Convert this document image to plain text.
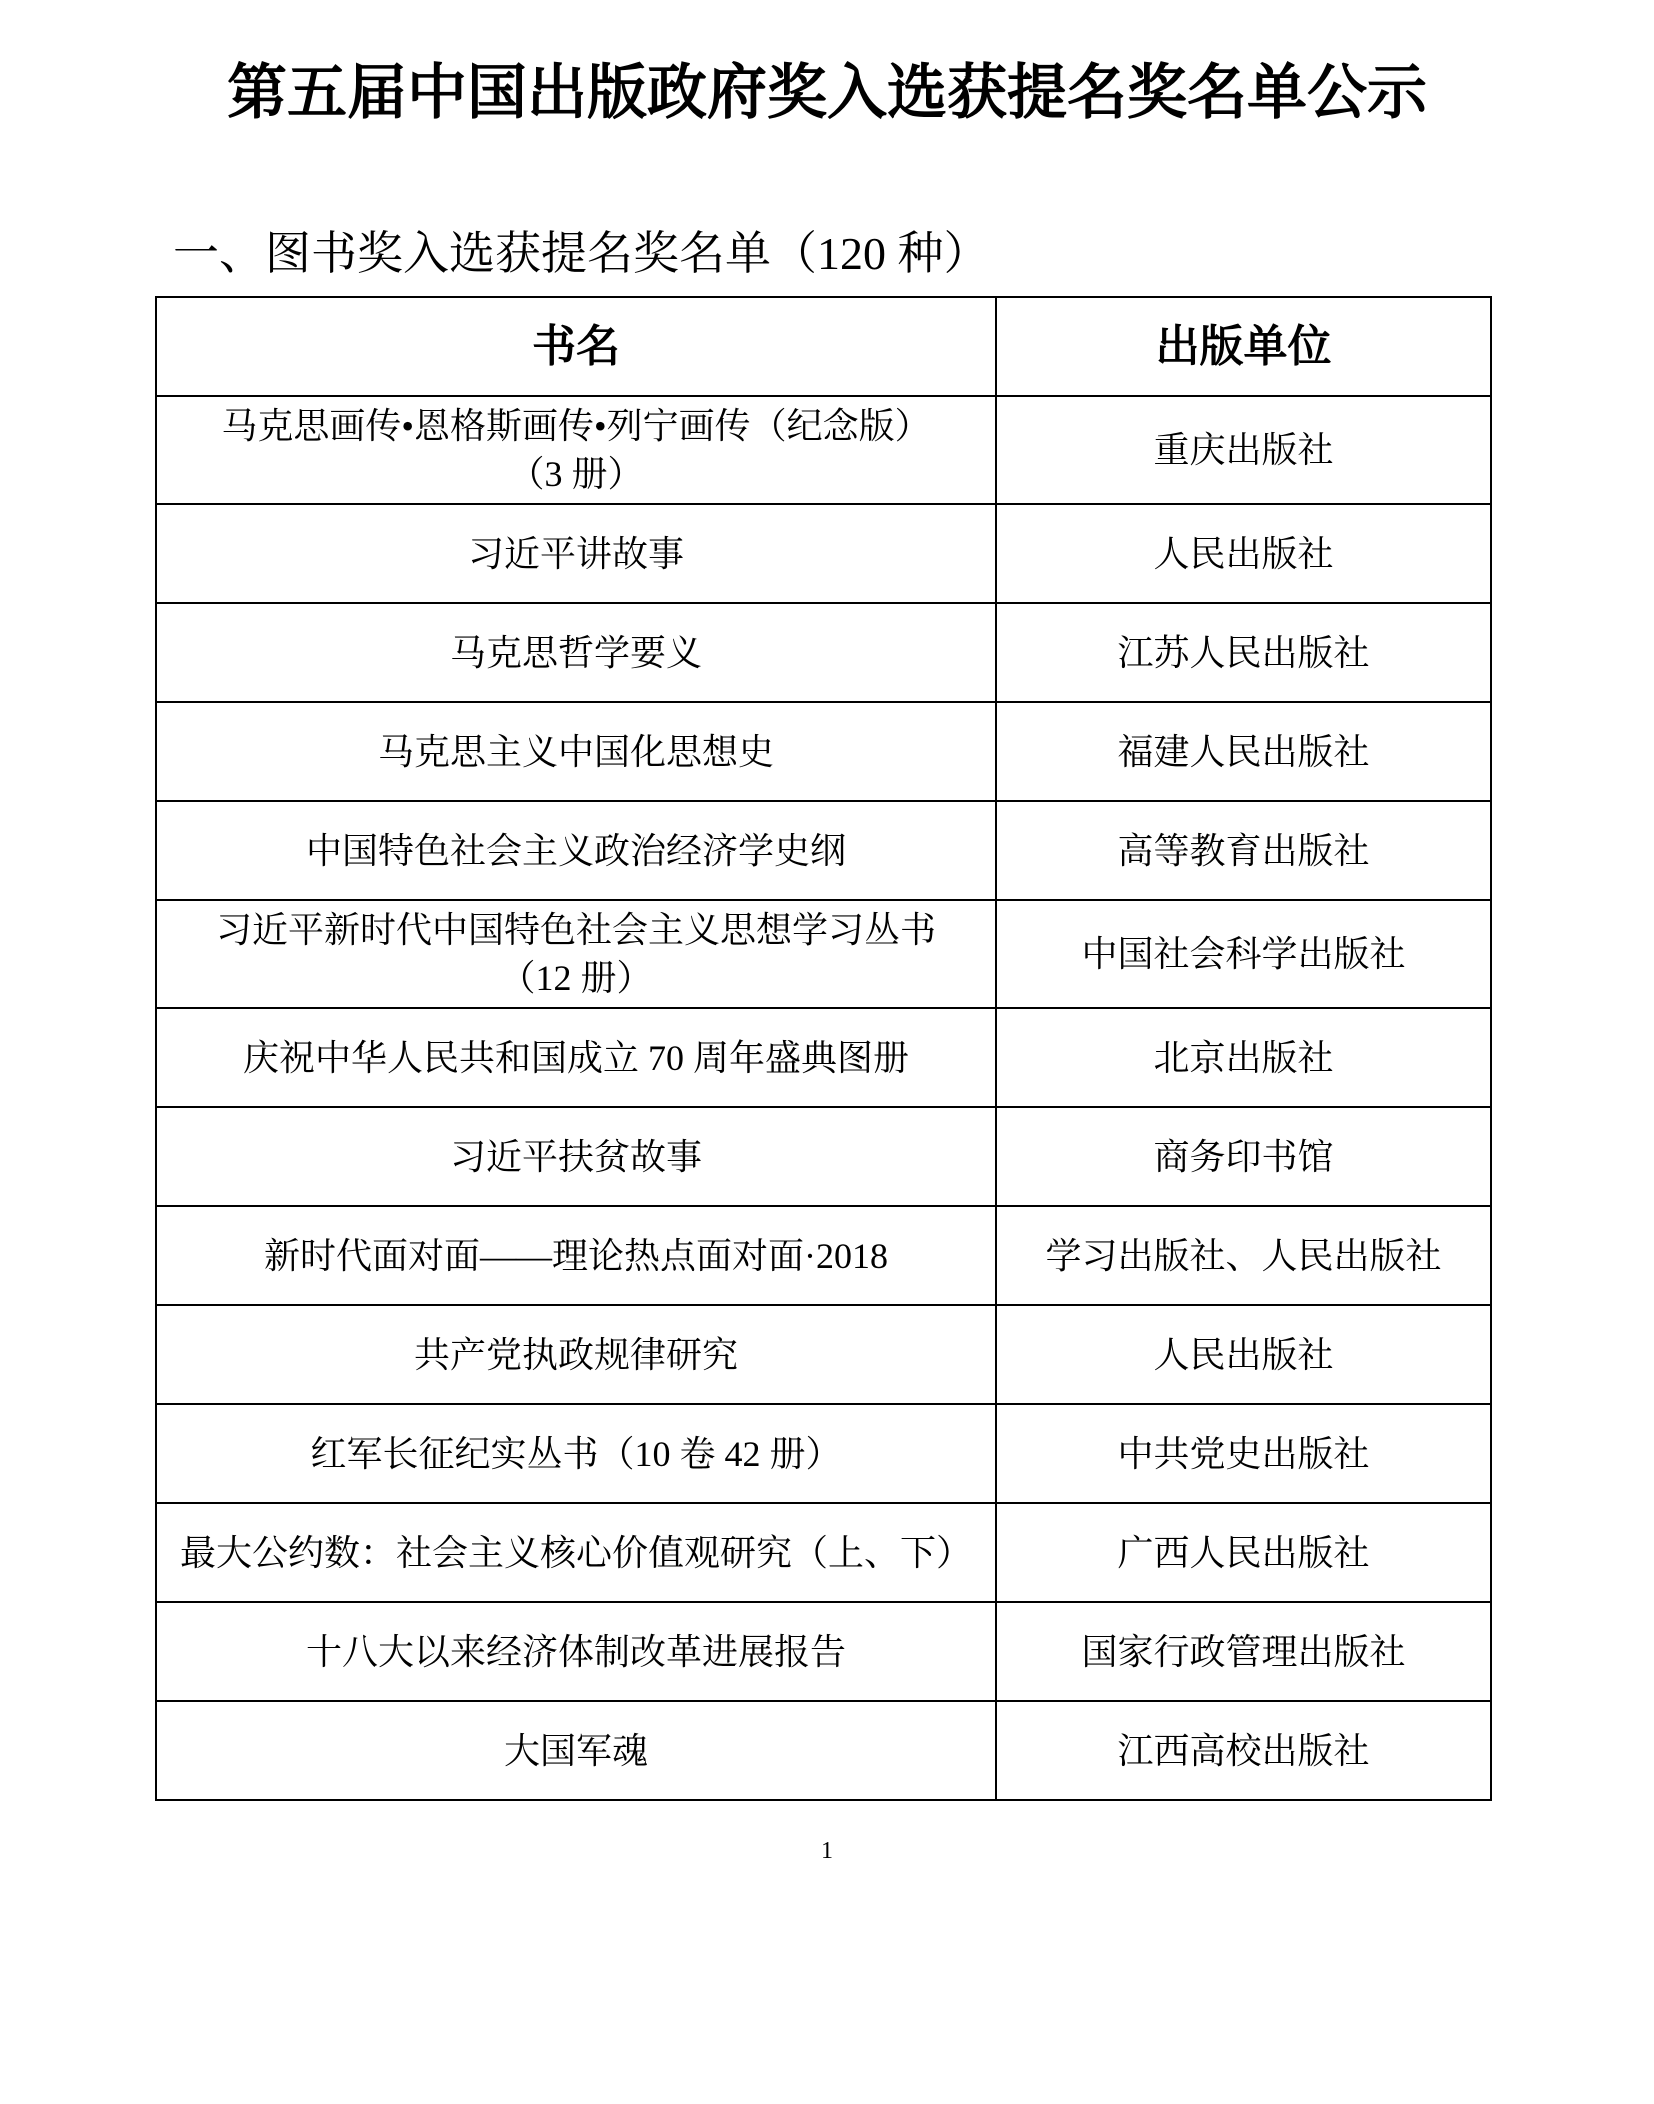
第五届中国出版政府奖入选获提名奖名单公示
一、图书奖入选获提名奖名单（120 种）
书名	出版单位
马克思画传•恩格斯画传•列宁画传（纪念版）
（3 册）	重庆出版社
习近平讲故事	人民出版社
马克思哲学要义	江苏人民出版社
马克思主义中国化思想史	福建人民出版社
中国特色社会主义政治经济学史纲	高等教育出版社
习近平新时代中国特色社会主义思想学习丛书
（12 册）	中国社会科学出版社
庆祝中华人民共和国成立 70 周年盛典图册	北京出版社
习近平扶贫故事	商务印书馆
新时代面对面——理论热点面对面·2018	学习出版社、人民出版社
共产党执政规律研究	人民出版社
红军长征纪实丛书（10 卷 42 册）	中共党史出版社
最大公约数：社会主义核心价值观研究（上、下）	广西人民出版社
十八大以来经济体制改革进展报告	国家行政管理出版社
大国军魂	江西高校出版社
1
